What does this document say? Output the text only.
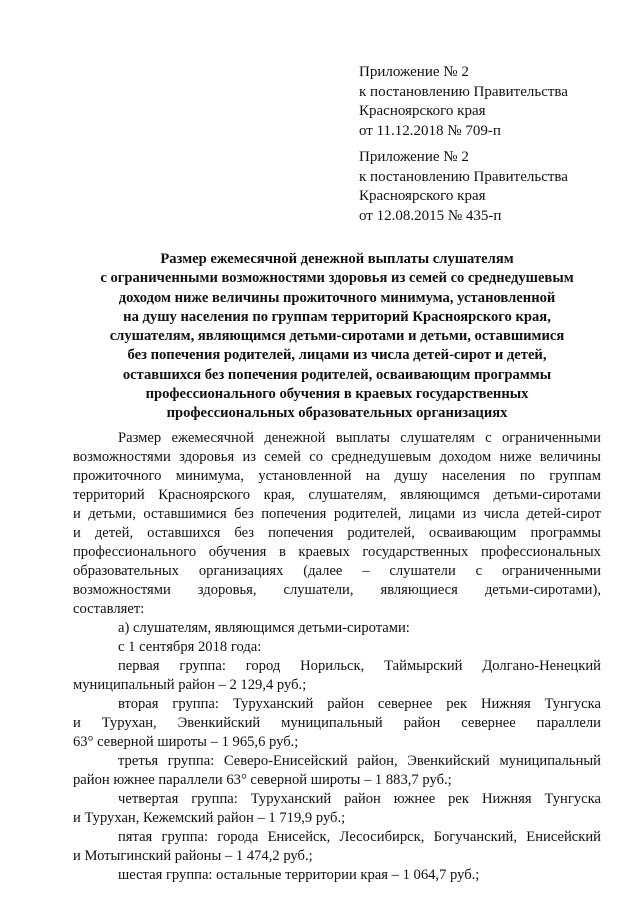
Приложение № 2
к постановлению Правительства
Красноярского края
от 11.12.2018 № 709-п
Приложение № 2
к постановлению Правительства
Красноярского края
от 12.08.2015 № 435-п
Размер ежемесячной денежной выплаты слушателям
с ограниченными возможностями здоровья из семей со среднедушевым
доходом ниже величины прожиточного минимума, установленной
на душу населения по группам территорий Красноярского края,
слушателям, являющимся детьми-сиротами и детьми, оставшимися
без попечения родителей, лицами из числа детей-сирот и детей,
оставшихся без попечения родителей, осваивающим программы
профессионального обучения в краевых государственных
профессиональных образовательных организациях
Размер ежемесячной денежной выплаты слушателям с ограниченными
возможностями здоровья из семей со среднедушевым доходом ниже величины
прожиточного минимума, установленной на душу населения по группам
территорий Красноярского края, слушателям, являющимся детьми-сиротами
и детьми, оставшимися без попечения родителей, лицами из числа детей-сирот
и детей, оставшихся без попечения родителей, осваивающим программы
профессионального обучения в краевых государственных профессиональных
образовательных организациях (далее – слушатели с ограниченными
возможностями здоровья, слушатели, являющиеся детьми-сиротами),
составляет:
а) слушателям, являющимся детьми-сиротами:
с 1 сентября 2018 года:
первая группа: город Норильск, Таймырский Долгано-Ненецкий
муниципальный район – 2 129,4 руб.;
вторая группа: Туруханский район севернее рек Нижняя Тунгуска
и Турухан, Эвенкийский муниципальный район севернее параллели
63° северной широты – 1 965,6 руб.;
третья группа: Северо-Енисейский район, Эвенкийский муниципальный
район южнее параллели 63° северной широты – 1 883,7 руб.;
четвертая группа: Туруханский район южнее рек Нижняя Тунгуска
и Турухан, Кежемский район – 1 719,9 руб.;
пятая группа: города Енисейск, Лесосибирск, Богучанский, Енисейский
и Мотыгинский районы – 1 474,2 руб.;
шестая группа: остальные территории края – 1 064,7 руб.;
